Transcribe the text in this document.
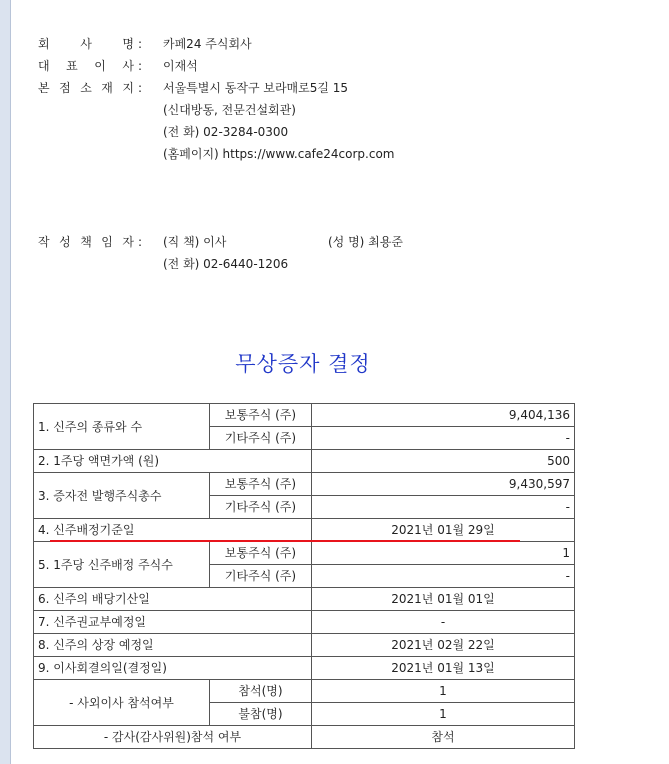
회	사	명 : 카페24 주식회사
대 표 이 사 : 이재석
본 점 소 재 지 : 서울특별시 동작구 보라매로5길 15
(신대방동, 전문건설회관)
(전 화) 02-3284-0300
(홈페이지) https://www.cafe24corp.com
작 성 책 임 자 : (직 책) 이사	(성 명) 최용준
(전 화) 02-6440-1206
무상증자 결정
1. 신주의 종류와 수	보통주식 (주)	9,404,136
	기타주식 (주)	-
2. 1주당 액면가액 (원)		500
3. 증자전 발행주식총수	보통주식 (주)	9,430,597
	기타주식 (주)	-
4. 신주배정기준일		2021년 01월 29일
5. 1주당 신주배정 주식수	보통주식 (주)	1
	기타주식 (주)	-
6. 신주의 배당기산일		2021년 01월 01일
7. 신주권교부예정일		-
8. 신주의 상장 예정일		2021년 02월 22일
9. 이사회결의일(결정일)		2021년 01월 13일
- 사외이사 참석여부	참석(명)	1
	불참(명)	1
- 감사(감사위원)참석 여부		참석
